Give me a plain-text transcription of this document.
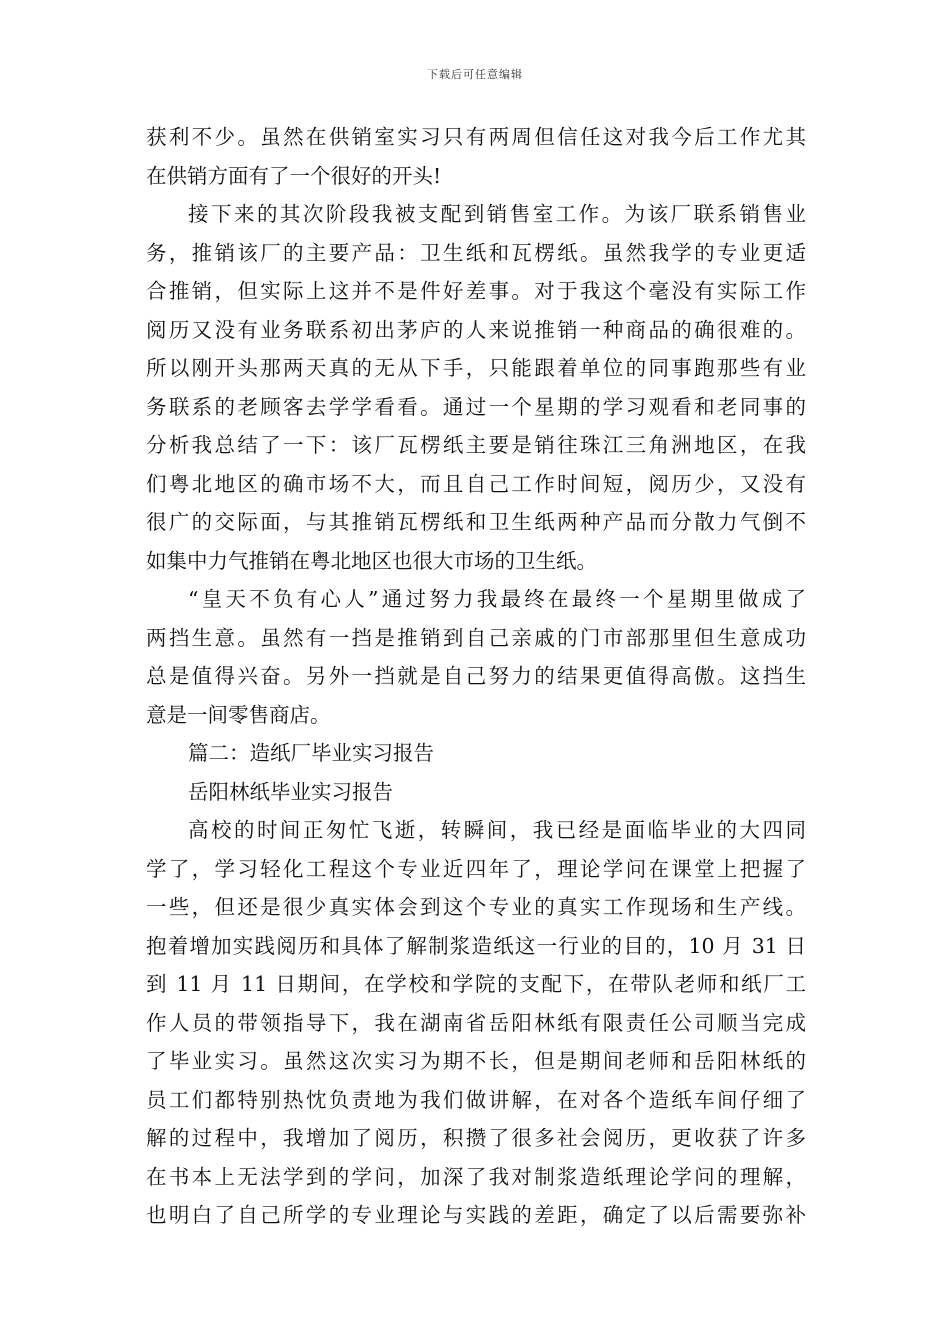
下载后可任意编辑
获利不少。虽然在供销室实习只有两周但信任这对我今后工作尤其
在供销方面有了一个很好的开头!
接下来的其次阶段我被支配到销售室工作。为该厂联系销售业
务，推销该厂的主要产品：卫生纸和瓦楞纸。虽然我学的专业更适
合推销，但实际上这并不是件好差事。对于我这个毫没有实际工作
阅历又没有业务联系初出茅庐的人来说推销一种商品的确很难的。
所以刚开头那两天真的无从下手，只能跟着单位的同事跑那些有业
务联系的老顾客去学学看看。通过一个星期的学习观看和老同事的
分析我总结了一下：该厂瓦楞纸主要是销往珠江三角洲地区，在我
们粤北地区的确市场不大，而且自己工作时间短，阅历少，又没有
很广的交际面，与其推销瓦楞纸和卫生纸两种产品而分散力气倒不
如集中力气推销在粤北地区也很大市场的卫生纸。
“皇天不负有心人”通过努力我最终在最终一个星期里做成了
两挡生意。虽然有一挡是推销到自己亲戚的门市部那里但生意成功
总是值得兴奋。另外一挡就是自己努力的结果更值得高傲。这挡生
意是一间零售商店。
篇二：造纸厂毕业实习报告
岳阳林纸毕业实习报告
高校的时间正匆忙飞逝，转瞬间，我已经是面临毕业的大四同
学了，学习轻化工程这个专业近四年了，理论学问在课堂上把握了
一些，但还是很少真实体会到这个专业的真实工作现场和生产线。
抱着增加实践阅历和具体了解制浆造纸这一行业的目的，10 月 31 日
到 11 月 11 日期间，在学校和学院的支配下，在带队老师和纸厂工
作人员的带领指导下，我在湖南省岳阳林纸有限责任公司顺当完成
了毕业实习。虽然这次实习为期不长，但是期间老师和岳阳林纸的
员工们都特别热忱负责地为我们做讲解，在对各个造纸车间仔细了
解的过程中，我增加了阅历，积攒了很多社会阅历，更收获了许多
在书本上无法学到的学问，加深了我对制浆造纸理论学问的理解，
也明白了自己所学的专业理论与实践的差距，确定了以后需要弥补
